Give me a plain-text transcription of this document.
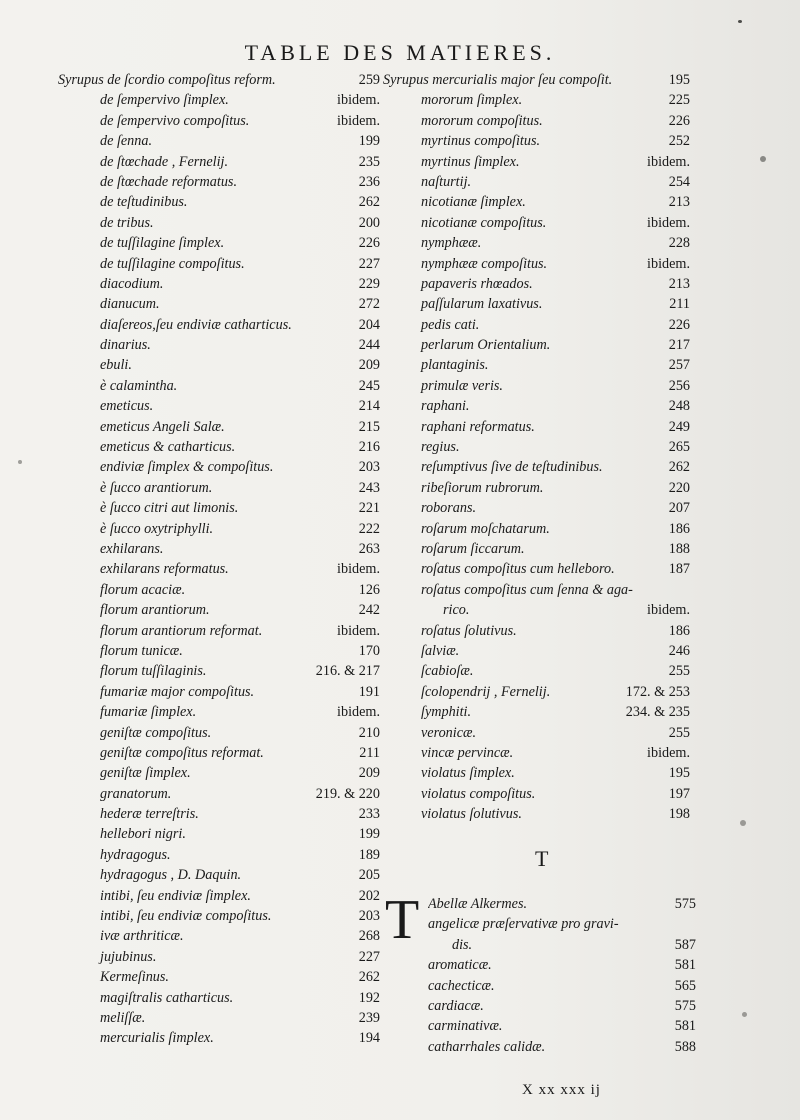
TABLE DES MATIERES.
Syrupus de ſcordio compoſitus reform.	259
de ſempervivo ſimplex.	ibidem.
de ſempervivo compoſitus.	ibidem.
de ſenna.	199
de ſtœchade , Fernelij.	235
de ſtœchade reformatus.	236
de teſtudinibus.	262
de tribus.	200
de tuſſilagine ſimplex.	226
de tuſſilagine compoſitus.	227
diacodium.	229
dianucum.	272
diaſereos,ſeu endiviæ catharticus.	204
dinarius.	244
ebuli.	209
è calamintha.	245
emeticus.	214
emeticus Angeli Salæ.	215
emeticus & catharticus.	216
endiviæ ſimplex & compoſitus.	203
è ſucco arantiorum.	243
è ſucco citri aut limonis.	221
è ſucco oxytriphylli.	222
exhilarans.	263
exhilarans reformatus.	ibidem.
florum acaciæ.	126
florum arantiorum.	242
florum arantiorum reformat.	ibidem.
florum tunicæ.	170
florum tuſſilaginis.	216. & 217
fumariæ major compoſitus.	191
fumariæ ſimplex.	ibidem.
geniſtæ compoſitus.	210
geniſtæ compoſitus reformat.	211
geniſtæ ſimplex.	209
granatorum.	219. & 220
hederæ terreſtris.	233
hellebori nigri.	199
hydragogus.	189
hydragogus , D. Daquin.	205
intibi, ſeu endiviæ ſimplex.	202
intibi, ſeu endiviæ compoſitus.	203
ivæ arthriticæ.	268
jujubinus.	227
Kermeſinus.	262
magiſtralis catharticus.	192
meliſſæ.	239
mercurialis ſimplex.	194
Syrupus mercurialis major ſeu compoſit.	195
mororum ſimplex.	225
mororum compoſitus.	226
myrtinus compoſitus.	252
myrtinus ſimplex.	ibidem.
naſturtij.	254
nicotianæ ſimplex.	213
nicotianæ compoſitus.	ibidem.
nymphææ.	228
nymphææ compoſitus.	ibidem.
papaveris rhœados.	213
paſſularum laxativus.	211
pedis cati.	226
perlarum Orientalium.	217
plantaginis.	257
primulæ veris.	256
raphani.	248
raphani reformatus.	249
regius.	265
reſumptivus ſive de teſtudinibus.	262
ribeſiorum rubrorum.	220
roborans.	207
roſarum moſchatarum.	186
roſarum ſiccarum.	188
roſatus compoſitus cum helleboro.	187
roſatus compoſitus cum ſenna & aga-
rico.	ibidem.
roſatus ſolutivus.	186
ſalviæ.	246
ſcabioſæ.	255
ſcolopendrij , Fernelij.	172. & 253
ſymphiti.	234. & 235
veronicæ.	255
vincæ pervincæ.	ibidem.
violatus ſimplex.	195
violatus compoſitus.	197
violatus ſolutivus.	198
T
T Abellæ Alkermes.	575
angelicæ præſervativæ pro gravi-
dis.	587
aromaticæ.	581
cachecticæ.	565
cardiacæ.	575
carminativæ.	581
catharrhales calidæ.	588
X xx xxx ij
